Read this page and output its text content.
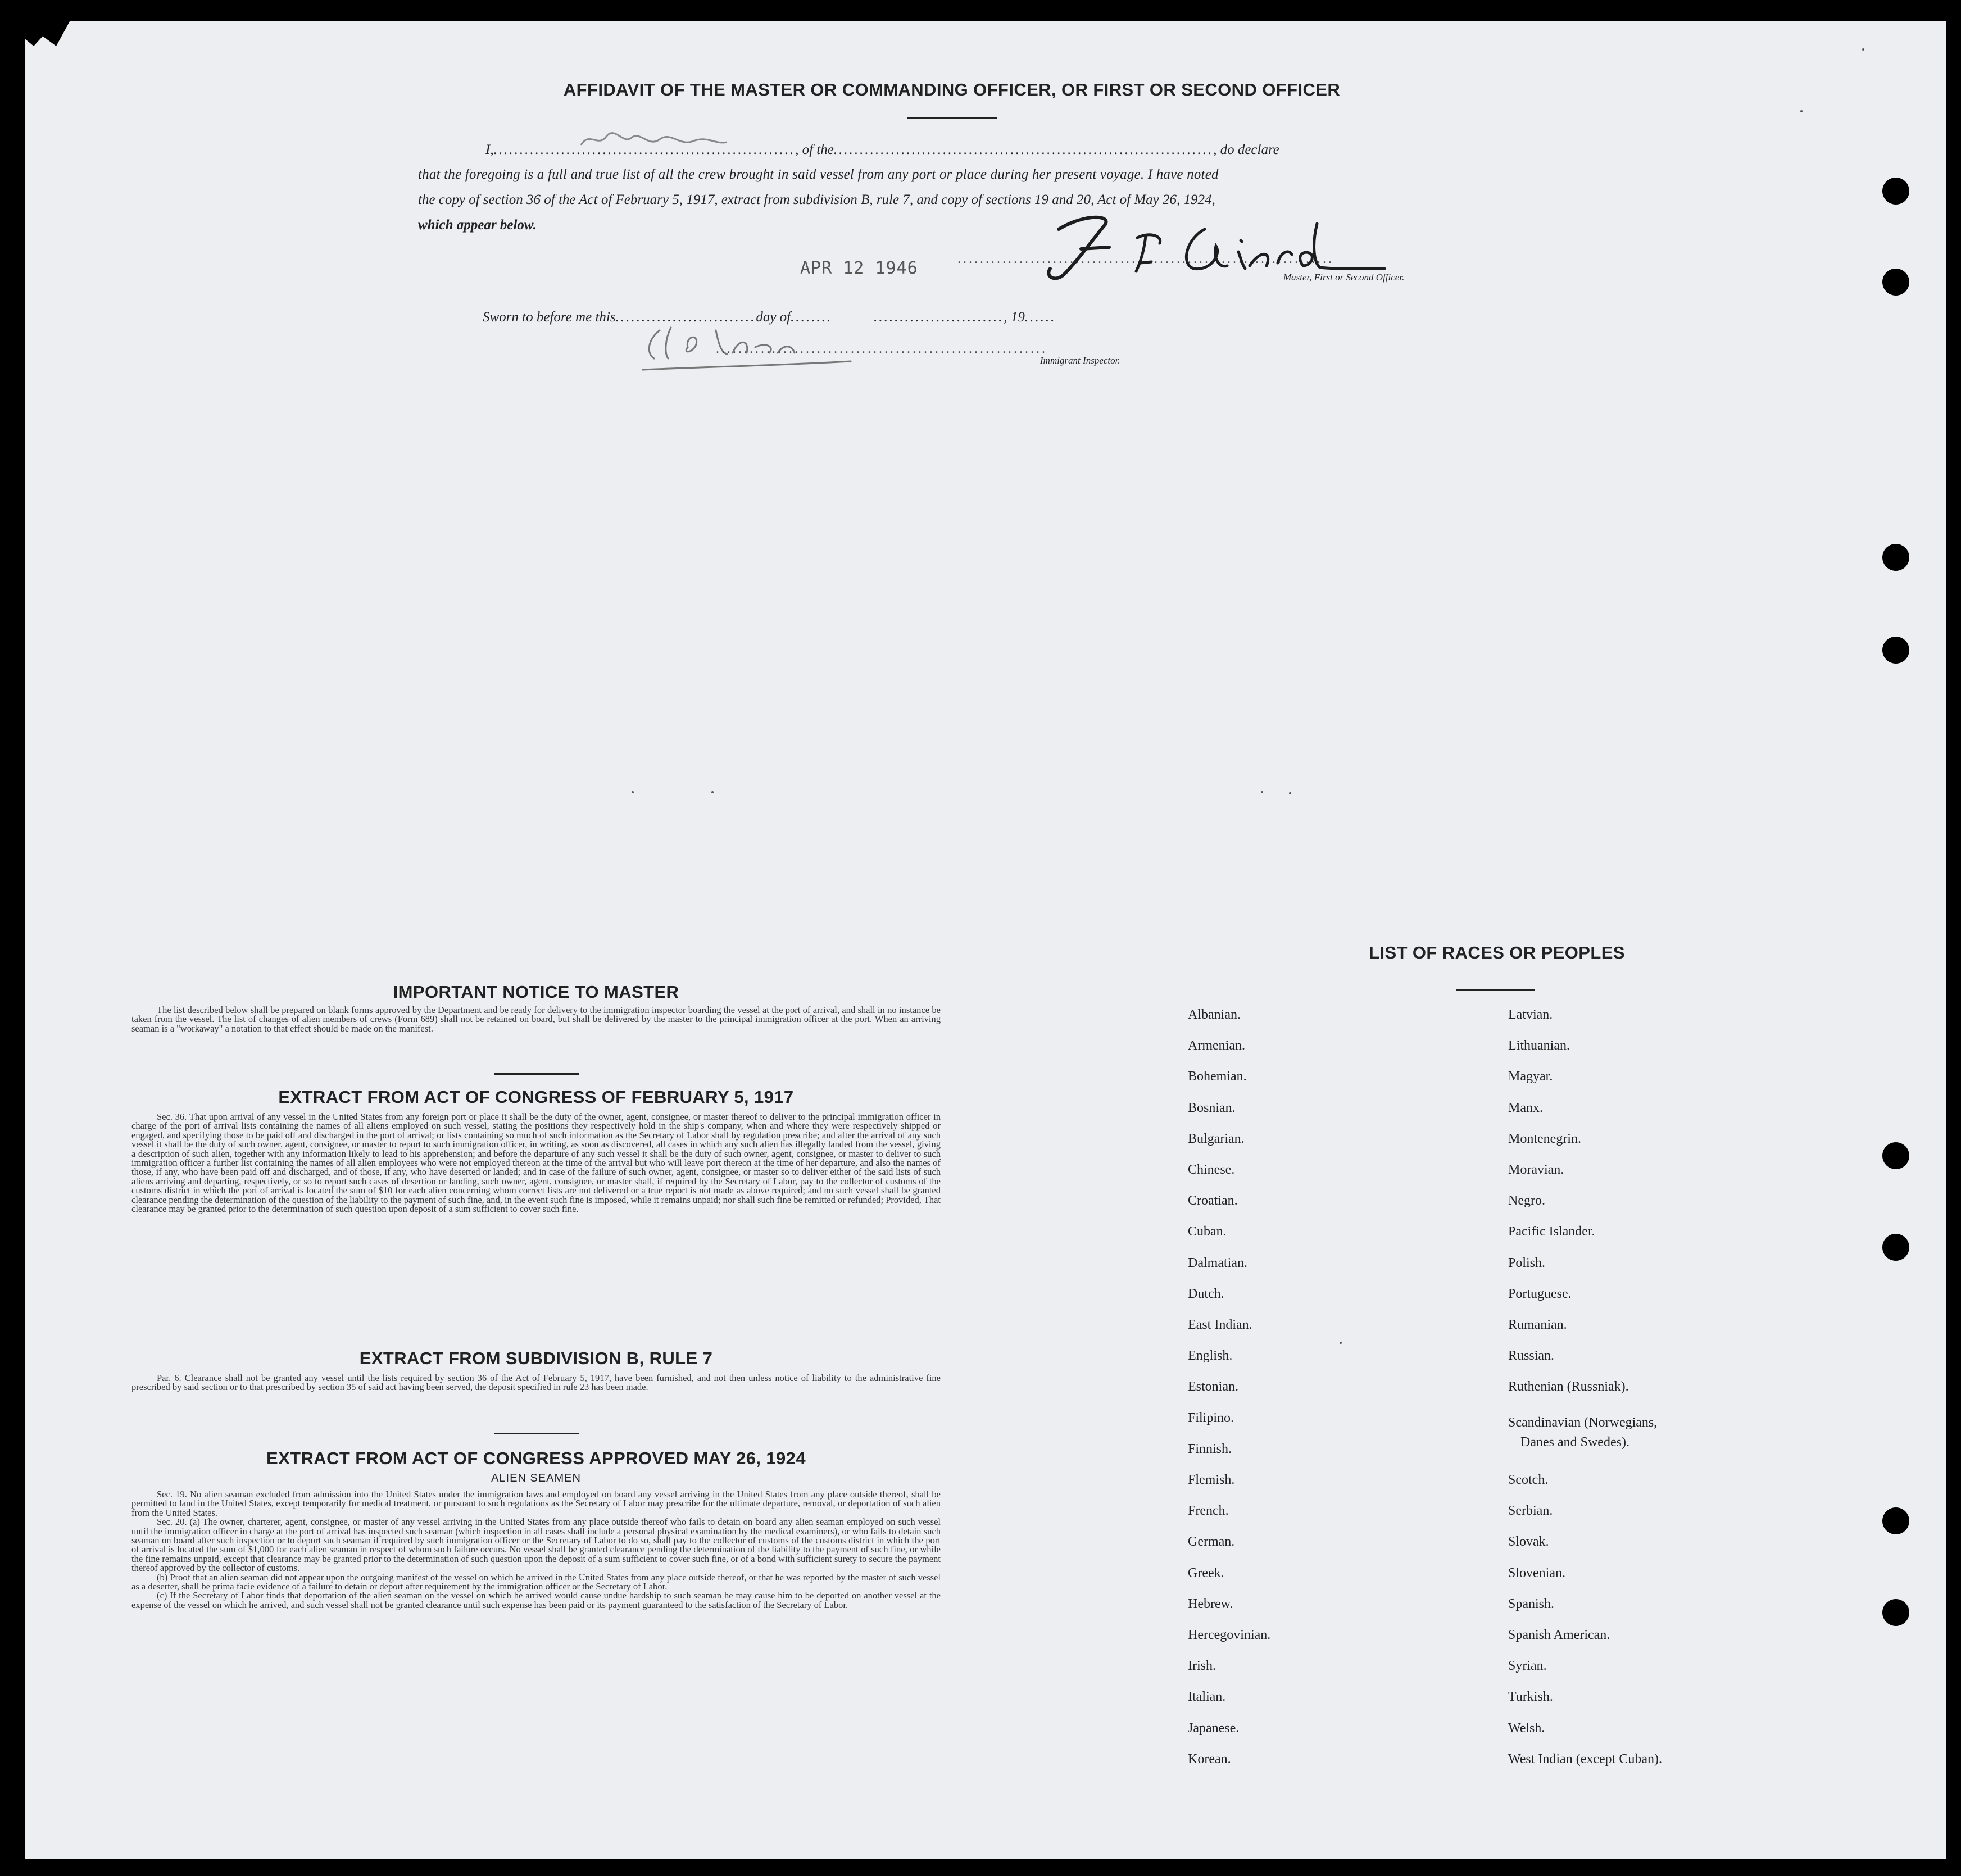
AFFIDAVIT OF THE MASTER OR COMMANDING OFFICER, OR FIRST OR SECOND OFFICER
I,.........................................................., of the........................................................................., do declare
that the foregoing is a full and true list of all the crew brought in said vessel from any port or place during her present voyage. I have noted
the copy of section 36 of the Act of February 5, 1917, extract from subdivision B, rule 7, and copy of sections 19 and 20, Act of May 26, 1924,
which appear below.
APR 12 1946	...................................................................
Master, First or Second Officer.
Sworn to before me this...........................day of........        ........................., 19......
...........................................................
Immigrant Inspector.
IMPORTANT NOTICE TO MASTER

The list described below shall be prepared on blank forms approved by the Department and be ready for delivery to the immigration inspector boarding the vessel at the port of arrival, and shall in no instance be taken from the vessel. The list of changes of alien members of crews (Form 689) shall not be retained on board, but shall be delivered by the master to the principal immigration officer at the port. When an arriving seaman is a "workaway" a notation to that effect should be made on the manifest.

EXTRACT FROM ACT OF CONGRESS OF FEBRUARY 5, 1917

Sec. 36. That upon arrival of any vessel in the United States from any foreign port or place it shall be the duty of the owner, agent, consignee, or master thereof to deliver to the principal immigration officer in charge of the port of arrival lists containing the names of all aliens employed on such vessel, stating the positions they respectively hold in the ship's company, when and where they were respectively shipped or engaged, and specifying those to be paid off and discharged in the port of arrival; or lists containing so much of such information as the Secretary of Labor shall by regulation prescribe; and after the arrival of any such vessel it shall be the duty of such owner, agent, consignee, or master to report to such immigration officer, in writing, as soon as discovered, all cases in which any such alien has illegally landed from the vessel, giving a description of such alien, together with any information likely to lead to his apprehension; and before the departure of any such vessel it shall be the duty of such owner, agent, consignee, or master to deliver to such immigration officer a further list containing the names of all alien employees who were not employed thereon at the time of the arrival but who will leave port thereon at the time of her departure, and also the names of those, if any, who have been paid off and discharged, and of those, if any, who have deserted or landed; and in case of the failure of such owner, agent, consignee, or master so to deliver either of the said lists of such aliens arriving and departing, respectively, or so to report such cases of desertion or landing, such owner, agent, consignee, or master shall, if required by the Secretary of Labor, pay to the collector of customs of the customs district in which the port of arrival is located the sum of $10 for each alien concerning whom correct lists are not delivered or a true report is not made as above required; and no such vessel shall be granted clearance pending the determination of the question of the liability to the payment of such fine, and, in the event such fine is imposed, while it remains unpaid; nor shall such fine be remitted or refunded; Provided, That clearance may be granted prior to the determination of such question upon deposit of a sum sufficient to cover such fine.

EXTRACT FROM SUBDIVISION B, RULE 7

Par. 6. Clearance shall not be granted any vessel until the lists required by section 36 of the Act of February 5, 1917, have been furnished, and not then unless notice of liability to the administrative fine prescribed by said section or to that prescribed by section 35 of said act having been served, the deposit specified in rule 23 has been made.

EXTRACT FROM ACT OF CONGRESS APPROVED MAY 26, 1924
ALIEN SEAMEN

Sec. 19. No alien seaman excluded from admission into the United States under the immigration laws and employed on board any vessel arriving in the United States from any place outside thereof, shall be permitted to land in the United States, except temporarily for medical treatment, or pursuant to such regulations as the Secretary of Labor may prescribe for the ultimate departure, removal, or deportation of such alien from the United States.

Sec. 20. (a) The owner, charterer, agent, consignee, or master of any vessel arriving in the United States from any place outside thereof who fails to detain on board any alien seaman employed on such vessel until the immigration officer in charge at the port of arrival has inspected such seaman (which inspection in all cases shall include a personal physical examination by the medical examiners), or who fails to detain such seaman on board after such inspection or to deport such seaman if required by such immigration officer or the Secretary of Labor to do so, shall pay to the collector of customs of the customs district in which the port of arrival is located the sum of $1,000 for each alien seaman in respect of whom such failure occurs. No vessel shall be granted clearance pending the determination of the liability to the payment of such fine, or while the fine remains unpaid, except that clearance may be granted prior to the determination of such question upon the deposit of a sum sufficient to cover such fine, or of a bond with sufficient surety to secure the payment thereof approved by the collector of customs.

(b) Proof that an alien seaman did not appear upon the outgoing manifest of the vessel on which he arrived in the United States from any place outside thereof, or that he was reported by the master of such vessel as a deserter, shall be prima facie evidence of a failure to detain or deport after requirement by the immigration officer or the Secretary of Labor.

(c) If the Secretary of Labor finds that deportation of the alien seaman on the vessel on which he arrived would cause undue hardship to such seaman he may cause him to be deported on another vessel at the expense of the vessel on which he arrived, and such vessel shall not be granted clearance until such expense has been paid or its payment guaranteed to the satisfaction of the Secretary of Labor.

LIST OF RACES OR PEOPLES
Albanian.
Armenian.
Bohemian.
Bosnian.
Bulgarian.
Chinese.
Croatian.
Cuban.
Dalmatian.
Dutch.
East Indian.
English.
Estonian.
Filipino.
Finnish.
Flemish.
French.
German.
Greek.
Hebrew.
Hercegovinian.
Irish.
Italian.
Japanese.
Korean.
Latvian.
Lithuanian.
Magyar.
Manx.
Montenegrin.
Moravian.
Negro.
Pacific Islander.
Polish.
Portuguese.
Rumanian.
Russian.
Ruthenian (Russniak).
Scandinavian (Norwegians,
Danes and Swedes).
Scotch.
Serbian.
Slovak.
Slovenian.
Spanish.
Spanish American.
Syrian.
Turkish.
Welsh.
West Indian (except Cuban).
